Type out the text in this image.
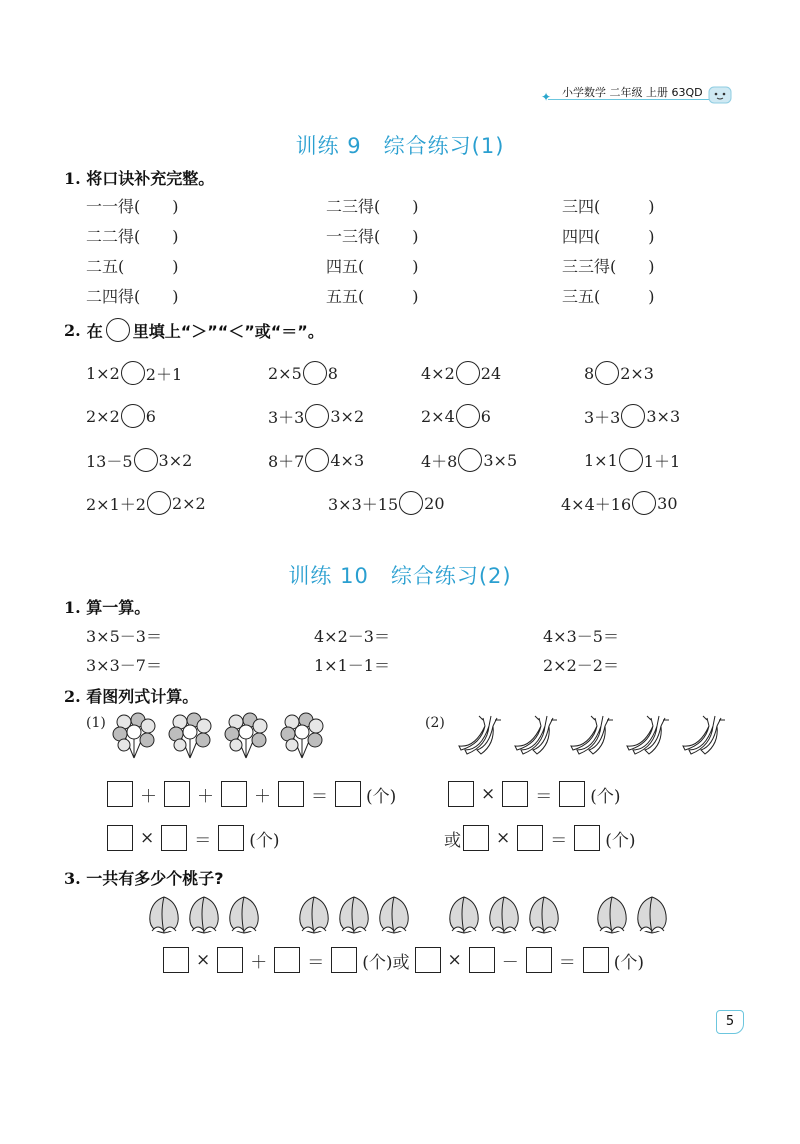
✦ 小学数学 二年级 上册 63QD
训练 9 综合练习(1)
1. 将口诀补充完整。
一一得(　　)	二三得(　　)	三四(　　　)
二二得(　　)	一三得(　　)	四四(　　　)
二五(　　　)	四五(　　　)	三三得(　　)
二四得(　　)	五五(　　　)	三五(　　　)
2. 在 里填上“＞”“＜”或“＝”。
1×2 2＋1	2×5 8	4×2 24	8 2×3
2×2 6	3＋3 3×2	2×4 6	3＋3 3×3
13－5 3×2	8＋7 4×3	4＋8 3×5	1×1 1＋1
2×1＋2 2×2	3×3＋15 20	4×4＋16 30
训练 10 综合练习(2)
1. 算一算。
3×5－3＝	4×2－3＝	4×3－5＝
3×3－7＝	1×1－1＝	2×2－2＝
2. 看图列式计算。
(1)	(2)
＋ ＋ ＋ ＝ (个)
× ＝ (个)
× ＝ (个)
或 × ＝ (个)
3. 一共有多少个桃子?
× ＋ ＝ (个) 或 × － ＝ (个)
5
